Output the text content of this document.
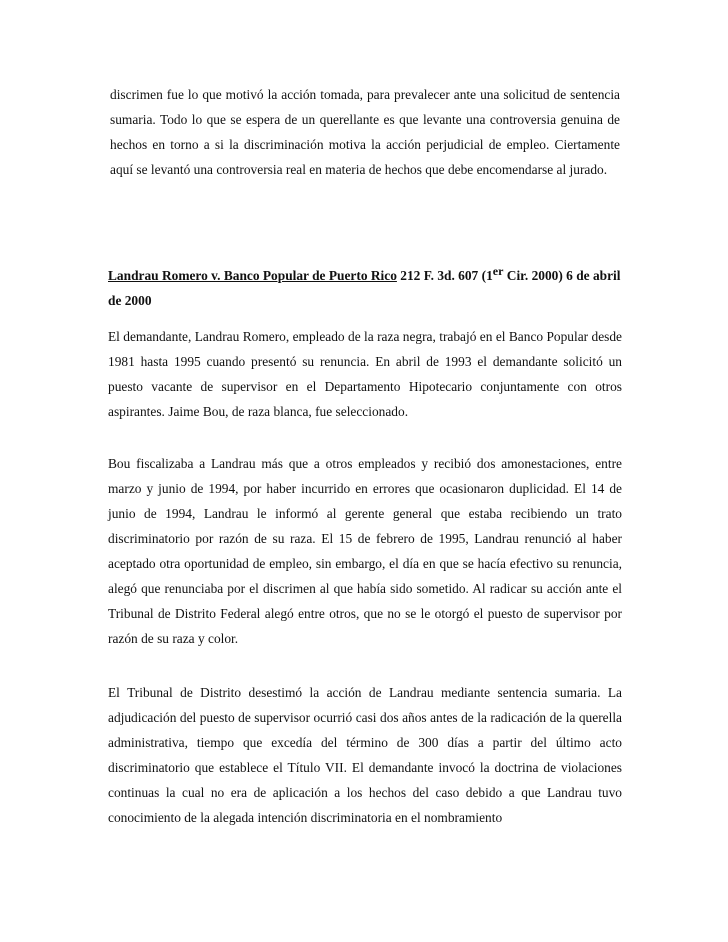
discrimen fue lo que motivó la acción tomada, para prevalecer ante una solicitud de sentencia sumaria. Todo lo que se espera de un querellante es que levante una controversia genuina de hechos en torno a si la discriminación motiva la acción perjudicial de empleo. Ciertamente aquí se levantó una controversia real en materia de hechos que debe encomendarse al jurado.

Landrau Romero v. Banco Popular de Puerto Rico 212 F. 3d. 607 (1er Cir. 2000) 6 de abril de 2000

El demandante, Landrau Romero, empleado de la raza negra, trabajó en el Banco Popular desde 1981 hasta 1995 cuando presentó su renuncia. En abril de 1993 el demandante solicitó un puesto vacante de supervisor en el Departamento Hipotecario conjuntamente con otros aspirantes. Jaime Bou, de raza blanca, fue seleccionado.

Bou fiscalizaba a Landrau más que a otros empleados y recibió dos amonestaciones, entre marzo y junio de 1994, por haber incurrido en errores que ocasionaron duplicidad. El 14 de junio de 1994, Landrau le informó al gerente general que estaba recibiendo un trato discriminatorio por razón de su raza. El 15 de febrero de 1995, Landrau renunció al haber aceptado otra oportunidad de empleo, sin embargo, el día en que se hacía efectivo su renuncia, alegó que renunciaba por el discrimen al que había sido sometido. Al radicar su acción ante el Tribunal de Distrito Federal alegó entre otros, que no se le otorgó el puesto de supervisor por razón de su raza y color.

El Tribunal de Distrito desestimó la acción de Landrau mediante sentencia sumaria. La adjudicación del puesto de supervisor ocurrió casi dos años antes de la radicación de la querella administrativa, tiempo que excedía del término de 300 días a partir del último acto discriminatorio que establece el Título VII. El demandante invocó la doctrina de violaciones continuas la cual no era de aplicación a los hechos del caso debido a que Landrau tuvo conocimiento de la alegada intención discriminatoria en el nombramiento
